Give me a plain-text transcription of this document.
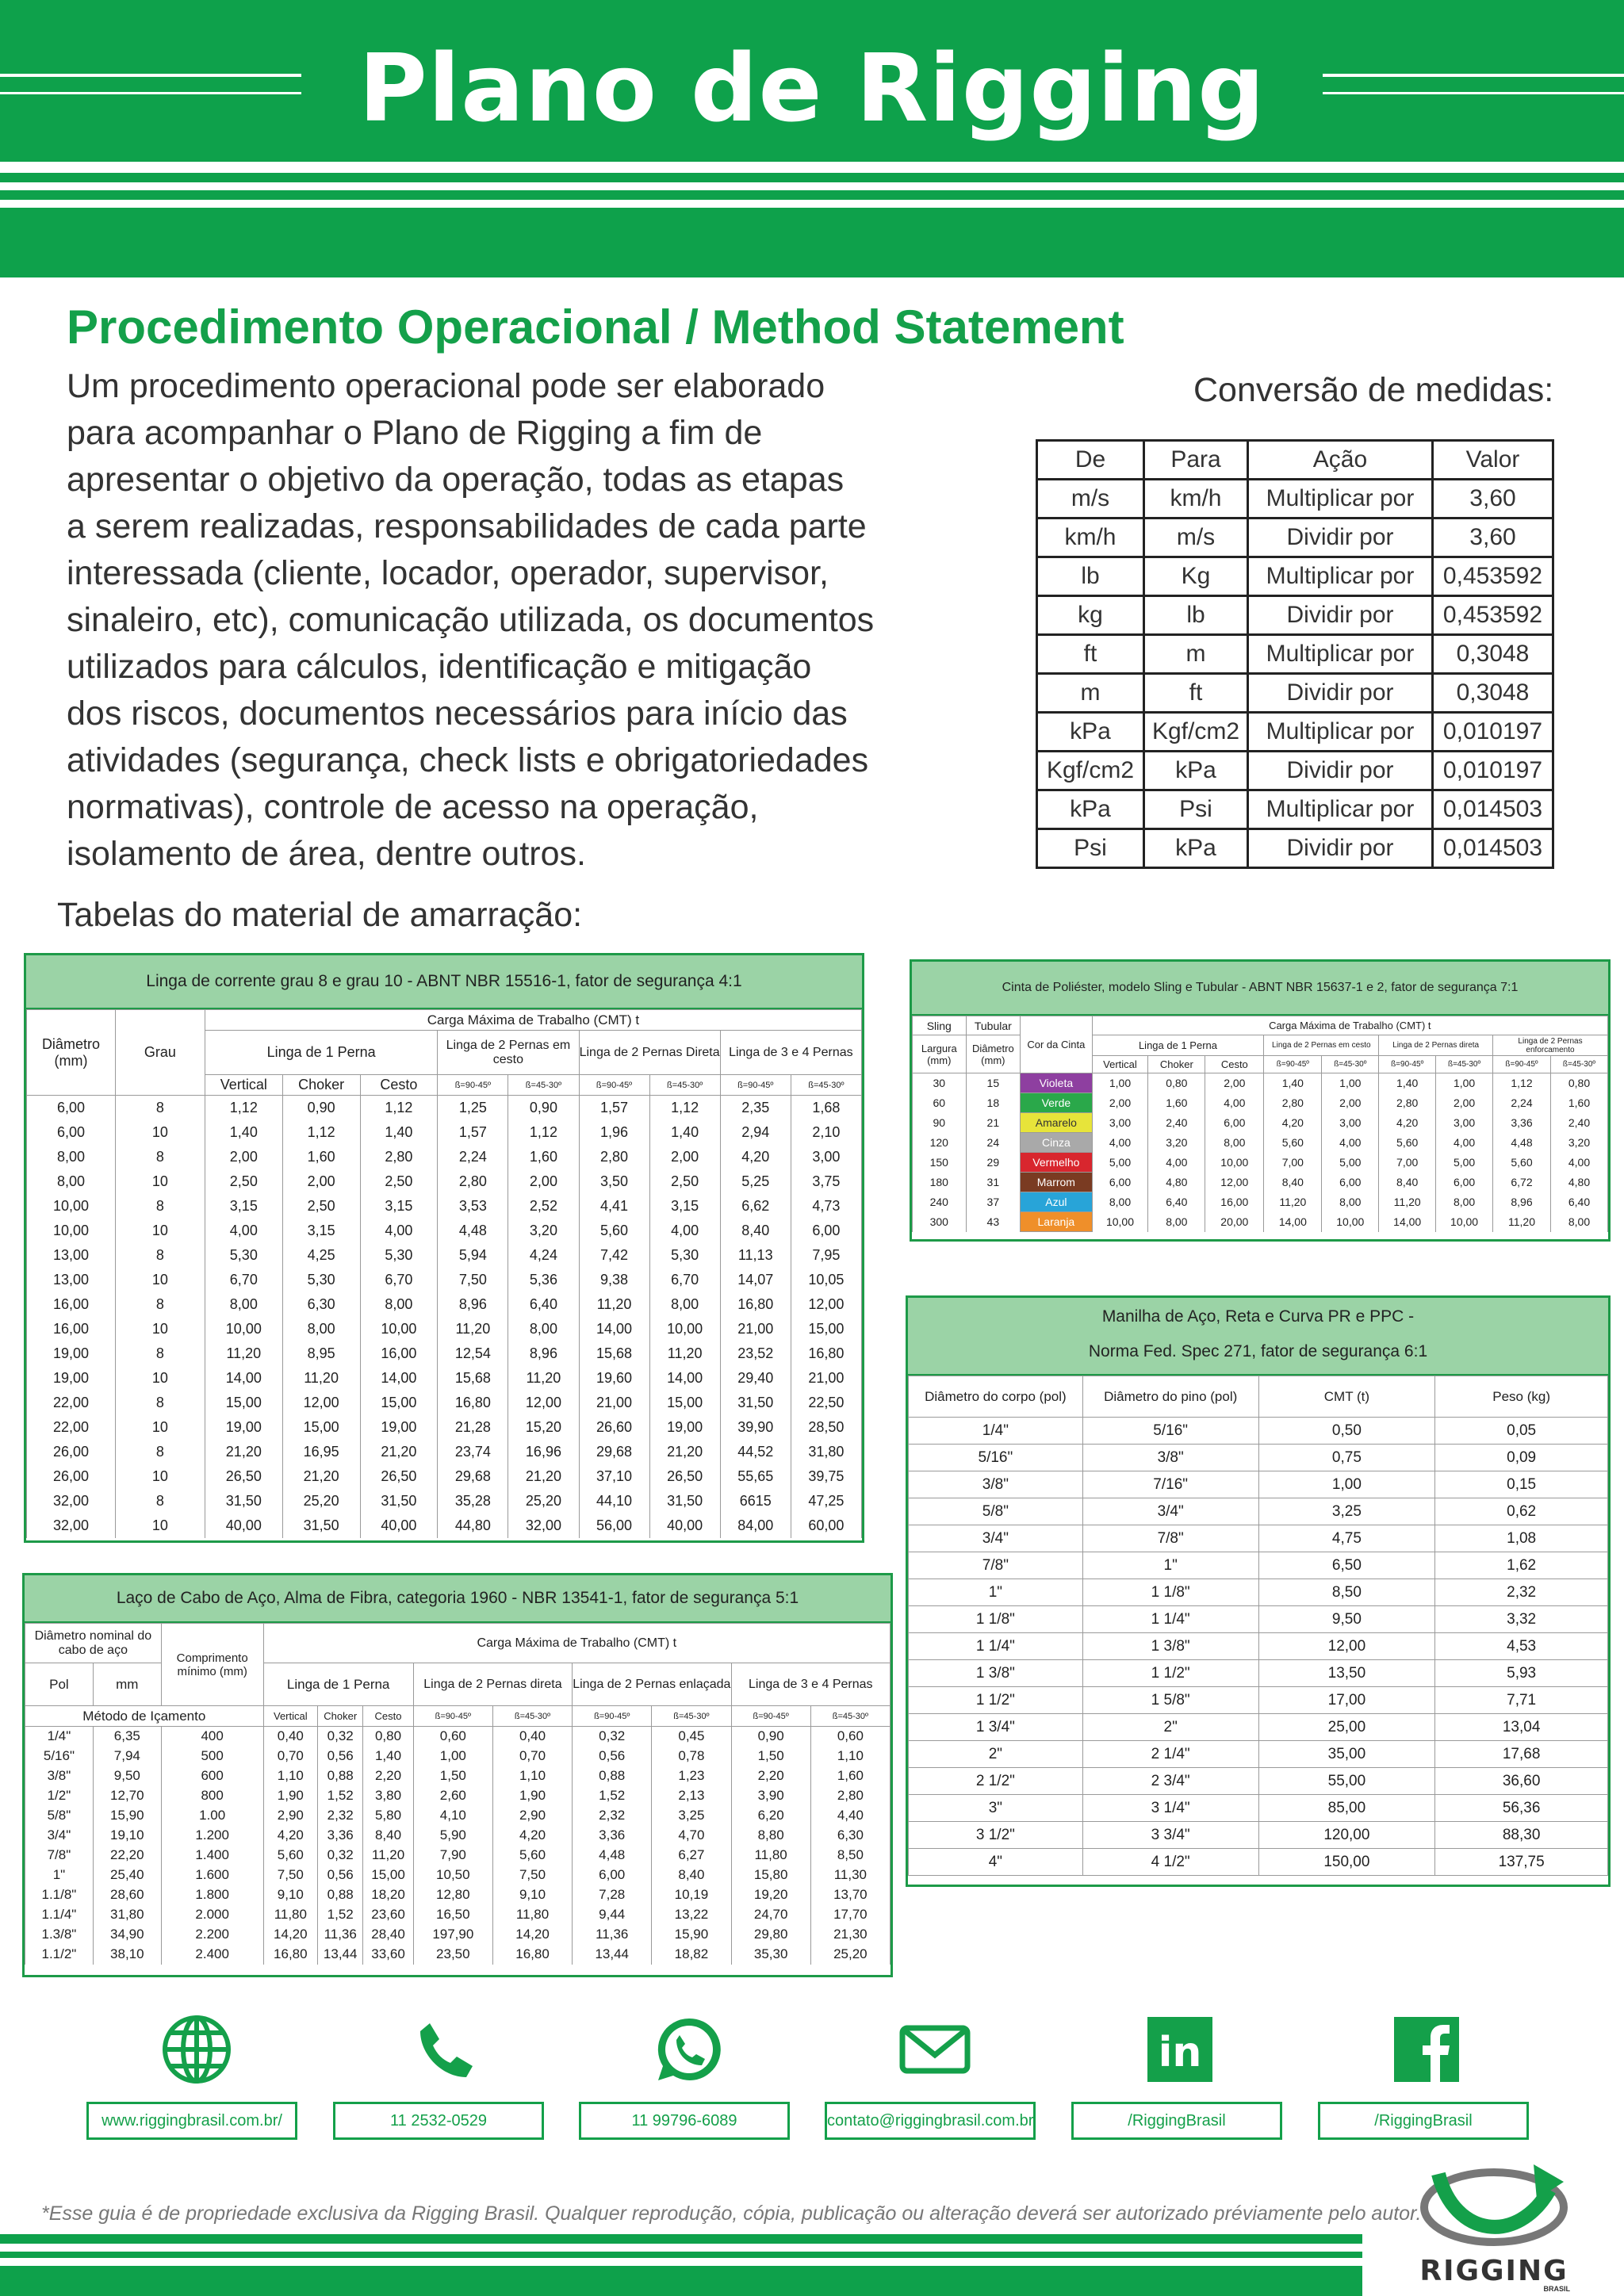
Plano de Rigging
Procedimento Operacional / Method Statement
Um procedimento operacional pode ser elaborado
para acompanhar o Plano de Rigging a fim de
apresentar o objetivo da operação, todas as etapas
a serem realizadas, responsabilidades de cada parte
interessada (cliente, locador, operador, supervisor,
sinaleiro, etc), comunicação utilizada, os documentos
utilizados para cálculos, identificação e mitigação
dos riscos, documentos necessários para início das
atividades (segurança, check lists e obrigatoriedades
normativas), controle de acesso na operação,
isolamento de área, dentre outros.
Conversão de medidas:
De	Para	Ação	Valor
m/s	km/h	Multiplicar por	3,60
km/h	m/s	Dividir por	3,60
lb	Kg	Multiplicar por	0,453592
kg	lb	Dividir por	0,453592
ft	m	Multiplicar por	0,3048
m	ft	Dividir por	0,3048
kPa	Kgf/cm2	Multiplicar por	0,010197
Kgf/cm2	kPa	Dividir por	0,010197
kPa	Psi	Multiplicar por	0,014503
Psi	kPa	Dividir por	0,014503
Tabelas do material de amarração:
Linga de corrente grau 8 e grau 10 - ABNT NBR 15516-1, fator de segurança 4:1
Diâmetro (mm)	Grau	Carga Máxima de Trabalho (CMT) t								
		Linga de 1 Perna			Linga de 2 Pernas em cesto		Linga de 2 Pernas Direta		Linga de 3 e 4 Pernas	
		Vertical	Choker	Cesto	ß=90-45º	ß=45-30º	ß=90-45º	ß=45-30º	ß=90-45º	ß=45-30º
6,00	8	1,12	0,90	1,12	1,25	0,90	1,57	1,12	2,35	1,68
6,00	10	1,40	1,12	1,40	1,57	1,12	1,96	1,40	2,94	2,10
8,00	8	2,00	1,60	2,80	2,24	1,60	2,80	2,00	4,20	3,00
8,00	10	2,50	2,00	2,50	2,80	2,00	3,50	2,50	5,25	3,75
10,00	8	3,15	2,50	3,15	3,53	2,52	4,41	3,15	6,62	4,73
10,00	10	4,00	3,15	4,00	4,48	3,20	5,60	4,00	8,40	6,00
13,00	8	5,30	4,25	5,30	5,94	4,24	7,42	5,30	11,13	7,95
13,00	10	6,70	5,30	6,70	7,50	5,36	9,38	6,70	14,07	10,05
16,00	8	8,00	6,30	8,00	8,96	6,40	11,20	8,00	16,80	12,00
16,00	10	10,00	8,00	10,00	11,20	8,00	14,00	10,00	21,00	15,00
19,00	8	11,20	8,95	16,00	12,54	8,96	15,68	11,20	23,52	16,80
19,00	10	14,00	11,20	14,00	15,68	11,20	19,60	14,00	29,40	21,00
22,00	8	15,00	12,00	15,00	16,80	12,00	21,00	15,00	31,50	22,50
22,00	10	19,00	15,00	19,00	21,28	15,20	26,60	19,00	39,90	28,50
26,00	8	21,20	16,95	21,20	23,74	16,96	29,68	21,20	44,52	31,80
26,00	10	26,50	21,20	26,50	29,68	21,20	37,10	26,50	55,65	39,75
32,00	8	31,50	25,20	31,50	35,28	25,20	44,10	31,50	6615	47,25
32,00	10	40,00	31,50	40,00	44,80	32,00	56,00	40,00	84,00	60,00
Cinta de Poliéster, modelo Sling e Tubular - ABNT NBR 15637-1 e 2, fator de segurança 7:1
Sling	Tubular	Cor da Cinta	Carga Máxima de Trabalho (CMT) t								
Largura (mm)	Diâmetro (mm)		Linga de 1 Perna			Linga de 2 Pernas em cesto		Linga de 2 Pernas direta		Linga de 2 Pernas enforcamento	
			Vertical	Choker	Cesto	ß=90-45º	ß=45-30º	ß=90-45º	ß=45-30º	ß=90-45º	ß=45-30º
30	15	Violeta	1,00	0,80	2,00	1,40	1,00	1,40	1,00	1,12	0,80
60	18	Verde	2,00	1,60	4,00	2,80	2,00	2,80	2,00	2,24	1,60
90	21	Amarelo	3,00	2,40	6,00	4,20	3,00	4,20	3,00	3,36	2,40
120	24	Cinza	4,00	3,20	8,00	5,60	4,00	5,60	4,00	4,48	3,20
150	29	Vermelho	5,00	4,00	10,00	7,00	5,00	7,00	5,00	5,60	4,00
180	31	Marrom	6,00	4,80	12,00	8,40	6,00	8,40	6,00	6,72	4,80
240	37	Azul	8,00	6,40	16,00	11,20	8,00	11,20	8,00	8,96	6,40
300	43	Laranja	10,00	8,00	20,00	14,00	10,00	14,00	10,00	11,20	8,00
Manilha de Aço, Reta e Curva PR e PPC -
Norma Fed. Spec 271, fator de segurança 6:1
Diâmetro do corpo (pol)	Diâmetro do pino (pol)	CMT (t)	Peso (kg)
1/4"	5/16"	0,50	0,05
5/16"	3/8"	0,75	0,09
3/8"	7/16"	1,00	0,15
5/8"	3/4"	3,25	0,62
3/4"	7/8"	4,75	1,08
7/8"	1"	6,50	1,62
1"	1 1/8"	8,50	2,32
1 1/8"	1 1/4"	9,50	3,32
1 1/4"	1 3/8"	12,00	4,53
1 3/8"	1 1/2"	13,50	5,93
1 1/2"	1 5/8"	17,00	7,71
1 3/4"	2"	25,00	13,04
2"	2 1/4"	35,00	17,68
2 1/2"	2 3/4"	55,00	36,60
3"	3 1/4"	85,00	56,36
3 1/2"	3 3/4"	120,00	88,30
4"	4 1/2"	150,00	137,75
Laço de Cabo de Aço, Alma de Fibra, categoria 1960 - NBR 13541-1, fator de segurança 5:1
Diâmetro nominal do cabo de aço		Comprimento mínimo (mm)	Carga Máxima de Trabalho (CMT) t								
Pol	mm		Linga de 1 Perna			Linga de 2 Pernas direta		Linga de 2 Pernas enlaçada		Linga de 3 e 4 Pernas	
Método de Içamento			Vertical	Choker	Cesto	ß=90-45º	ß=45-30º	ß=90-45º	ß=45-30º	ß=90-45º	ß=45-30º
1/4"	6,35	400	0,40	0,32	0,80	0,60	0,40	0,32	0,45	0,90	0,60
5/16"	7,94	500	0,70	0,56	1,40	1,00	0,70	0,56	0,78	1,50	1,10
3/8"	9,50	600	1,10	0,88	2,20	1,50	1,10	0,88	1,23	2,20	1,60
1/2"	12,70	800	1,90	1,52	3,80	2,60	1,90	1,52	2,13	3,90	2,80
5/8"	15,90	1.00	2,90	2,32	5,80	4,10	2,90	2,32	3,25	6,20	4,40
3/4"	19,10	1.200	4,20	3,36	8,40	5,90	4,20	3,36	4,70	8,80	6,30
7/8"	22,20	1.400	5,60	0,32	11,20	7,90	5,60	4,48	6,27	11,80	8,50
1"	25,40	1.600	7,50	0,56	15,00	10,50	7,50	6,00	8,40	15,80	11,30
1.1/8"	28,60	1.800	9,10	0,88	18,20	12,80	9,10	7,28	10,19	19,20	13,70
1.1/4"	31,80	2.000	11,80	1,52	23,60	16,50	11,80	9,44	13,22	24,70	17,70
1.3/8"	34,90	2.200	14,20	11,36	28,40	197,90	14,20	11,36	15,90	29,80	21,30
1.1/2"	38,10	2.400	16,80	13,44	33,60	23,50	16,80	13,44	18,82	35,30	25,20
in
www.riggingbrasil.com.br/	11 2532-0529	11 99796-6089	contato@riggingbrasil.com.br	/RiggingBrasil	/RiggingBrasil
*Esse guia é de propriedade exclusiva da Rigging Brasil. Qualquer reprodução, cópia, publicação ou alteração deverá ser autorizado préviamente pelo autor.
RIGGING
BRASIL
